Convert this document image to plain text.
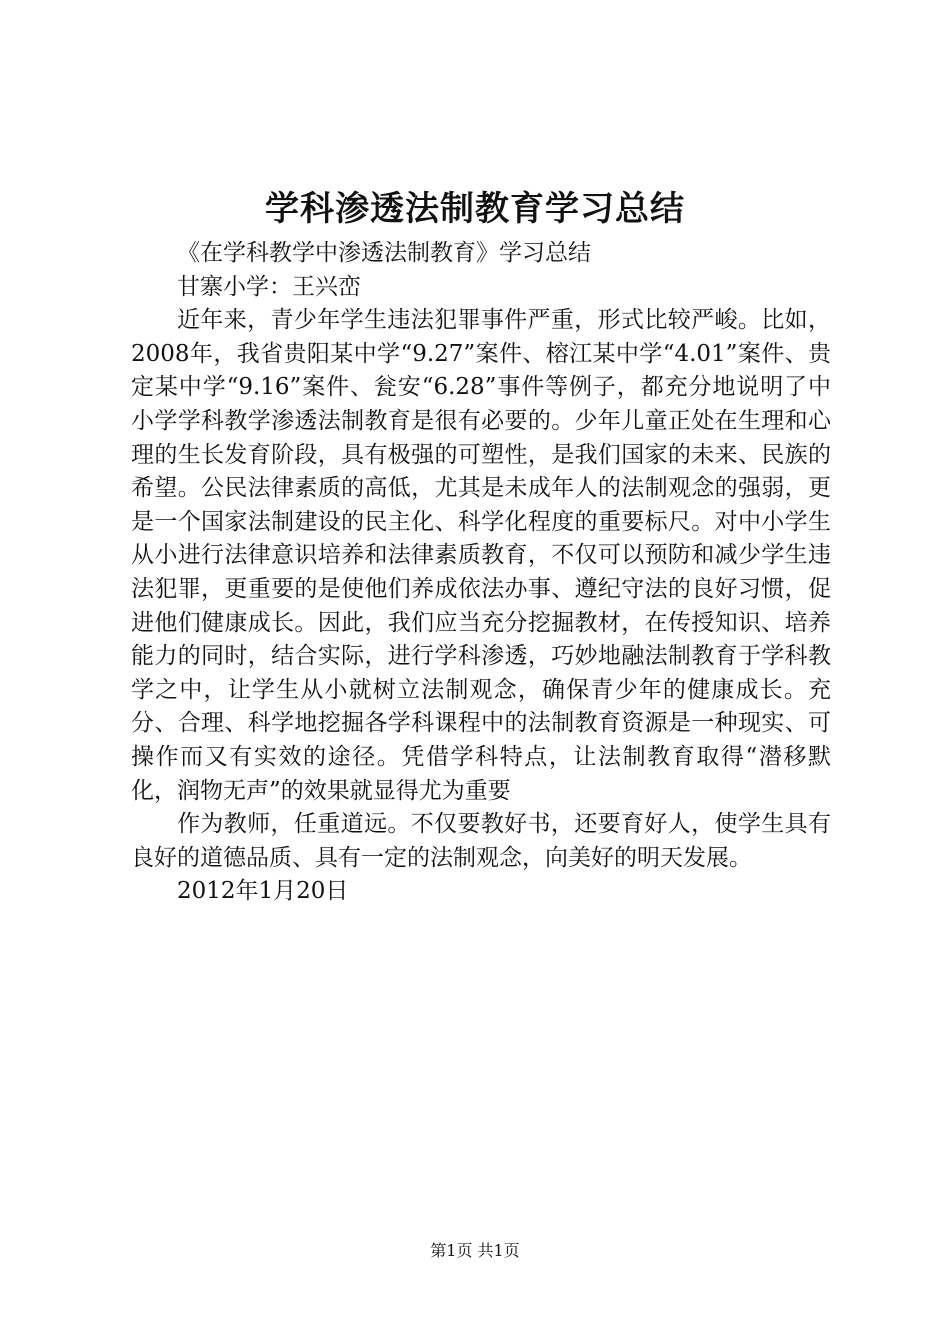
学科渗透法制教育学习总结

《在学科教学中渗透法制教育》学习总结

甘寨小学：王兴峦

近年来，青少年学生违法犯罪事件严重，形式比较严峻。比如，2008年，我省贵阳某中学“9.27”案件、榕江某中学“4.01”案件、贵定某中学“9.16”案件、瓮安“6.28”事件等例子，都充分地说明了中小学学科教学渗透法制教育是很有必要的。少年儿童正处在生理和心理的生长发育阶段，具有极强的可塑性，是我们国家的未来、民族的希望。公民法律素质的高低，尤其是未成年人的法制观念的强弱，更是一个国家法制建设的民主化、科学化程度的重要标尺。对中小学生从小进行法律意识培养和法律素质教育，不仅可以预防和减少学生违法犯罪，更重要的是使他们养成依法办事、遵纪守法的良好习惯，促进他们健康成长。因此，我们应当充分挖掘教材，在传授知识、培养能力的同时，结合实际，进行学科渗透，巧妙地融法制教育于学科教学之中，让学生从小就树立法制观念，确保青少年的健康成长。充分、合理、科学地挖掘各学科课程中的法制教育资源是一种现实、可操作而又有实效的途径。凭借学科特点，让法制教育取得“潜移默化，润物无声”的效果就显得尤为重要

作为教师，任重道远。不仅要教好书，还要育好人，使学生具有良好的道德品质、具有一定的法制观念，向美好的明天发展。

2012年1月20日

第1页 共1页
